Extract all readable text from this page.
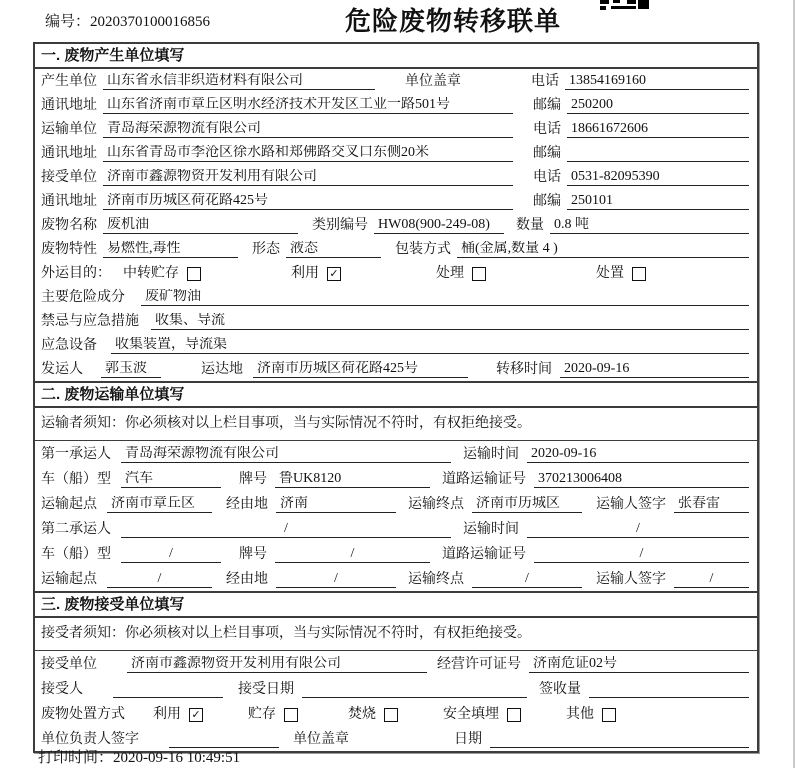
编号：2020370100016856	危险废物转移联单
一. 废物产生单位填写
产生单位 山东省永信非织造材料有限公司	单位盖章	电话 13854169160
通讯地址 山东省济南市章丘区明水经济技术开发区工业一路501号	邮编 250200
运输单位 青岛海荣源物流有限公司	电话 18661672606
通讯地址 山东省青岛市李沧区徐水路和郑佛路交叉口东侧20米	邮编
接受单位 济南市鑫源物资开发利用有限公司	电话 0531-82095390
通讯地址 济南市历城区荷花路425号	邮编 250101
废物名称 废机油	类别编号 HW08(900-249-08)	数量 0.8 吨
废物特性 易燃性,毒性	形态 液态	包装方式 桶(金属,数量 4 )
外运目的： 中转贮存	利用 ✓	处理	处置
主要危险成分 废矿物油
禁忌与应急措施 收集、导流
应急设备 收集装置，导流渠
发运人 郭玉波	运达地 济南市历城区荷花路425号	转移时间 2020-09-16
二. 废物运输单位填写
运输者须知：你必须核对以上栏目事项，当与实际情况不符时，有权拒绝接受。
第一承运人 青岛海荣源物流有限公司	运输时间 2020-09-16
车（船）型 汽车	牌号 鲁UK8120	道路运输证号 370213006408
运输起点 济南市章丘区	经由地 济南	运输终点 济南市历城区	运输人签字 张春雷
第二承运人	/	运输时间	/
车（船）型	/	牌号	/	道路运输证号	/
运输起点	/	经由地	/	运输终点	/	运输人签字	/
三. 废物接受单位填写
接受者须知：你必须核对以上栏目事项，当与实际情况不符时，有权拒绝接受。
接受单位 济南市鑫源物资开发利用有限公司	经营许可证号 济南危证02号
接受人	接受日期	签收量
废物处置方式 利用 ✓	贮存	焚烧	安全填埋	其他
单位负责人签字	单位盖章	日期
打印时间：2020-09-16 10:49:51
